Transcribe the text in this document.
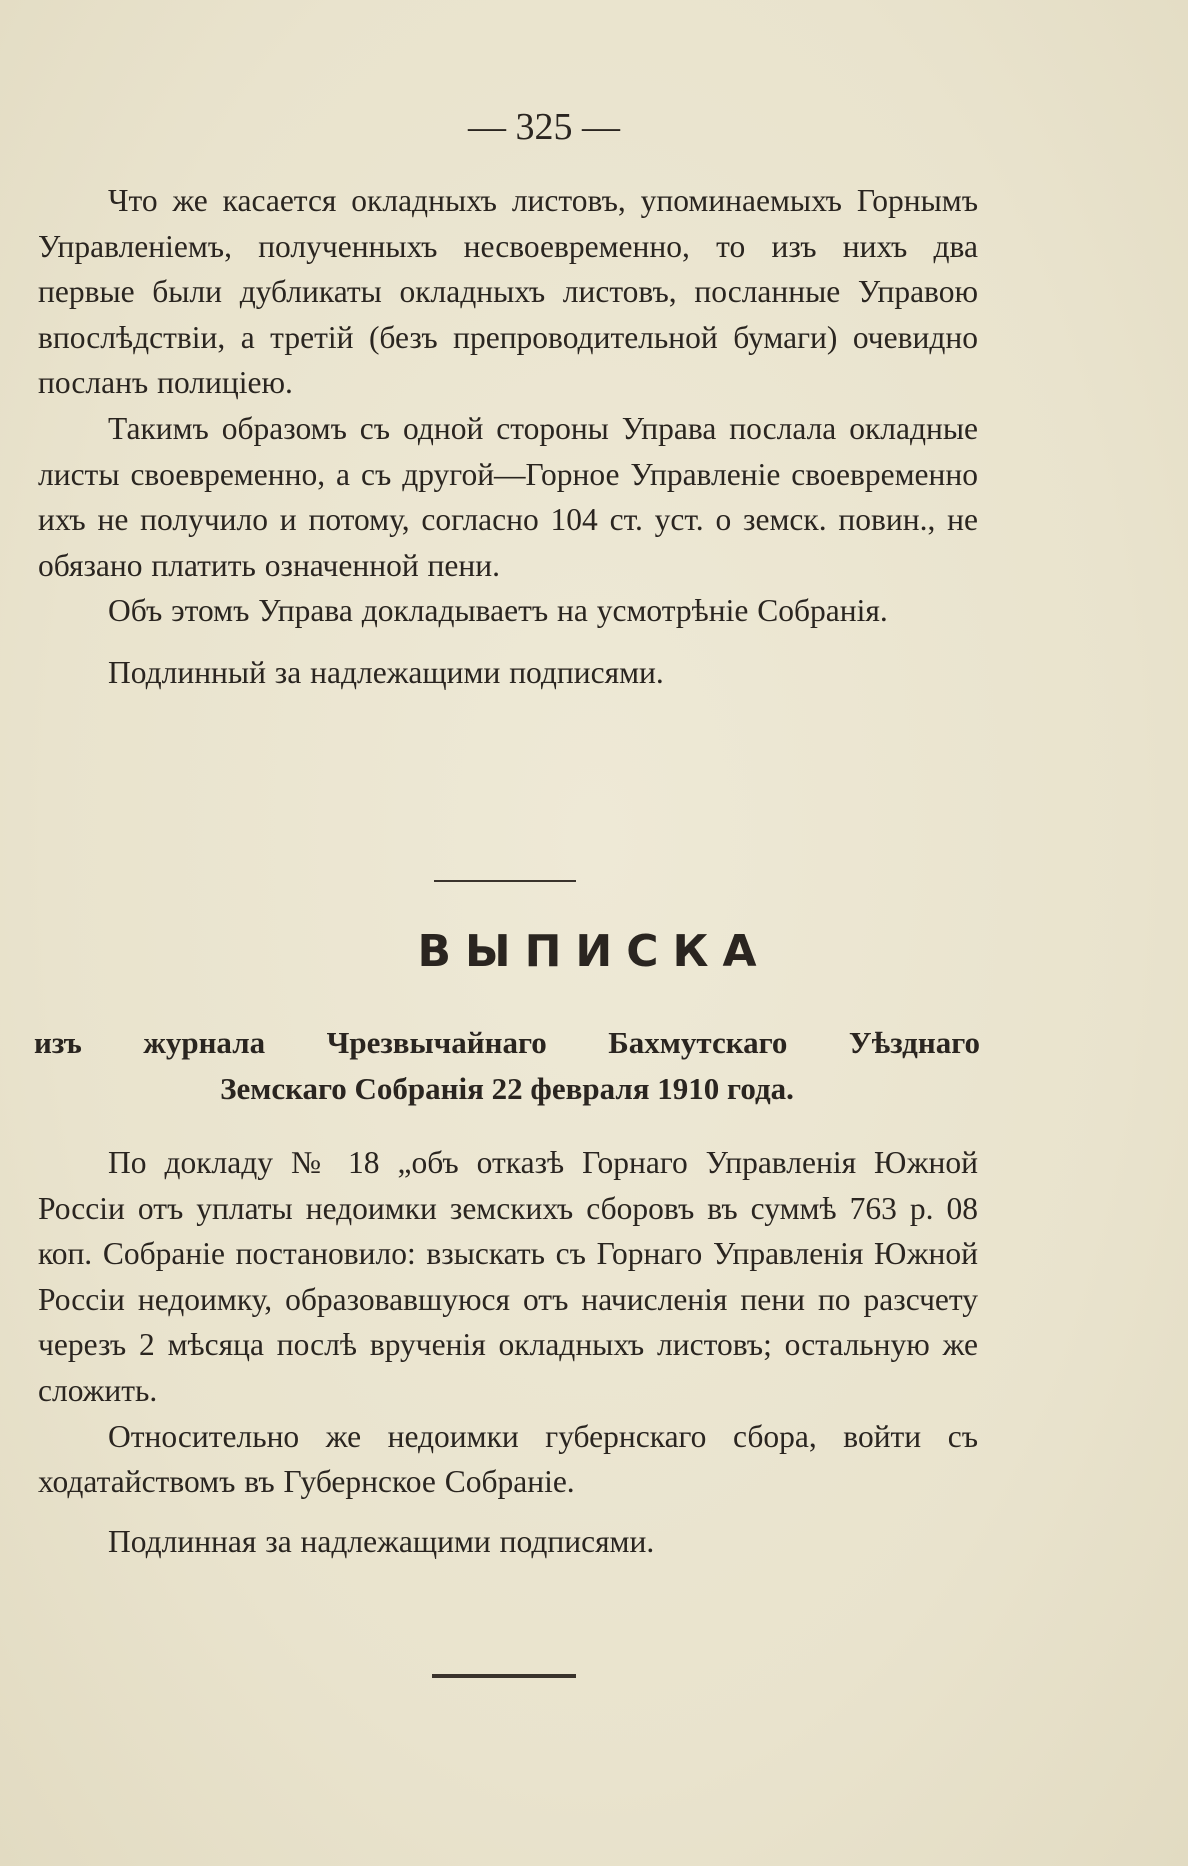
— 325 —

Что же касается окладныхъ листовъ, упоминаемыхъ Горнымъ Управленіемъ, полученныхъ несвоевременно, то изъ нихъ два первые были дубликаты окладныхъ листовъ, посланные Управою впослѣдствіи, а третій (безъ препроводительной бумаги) очевидно посланъ полиціею.

Такимъ образомъ съ одной стороны Управа послала окладные листы своевременно, а съ другой—Горное Управленіе своевременно ихъ не получило и потому, согласно 104 ст. уст. о земск. повин., не обязано платить означенной пени.

Объ этомъ Управа докладываетъ на усмотрѣніе Собранія.

Подлинный за надлежащими подписями.

ВЫПИСКА
изъ журнала Чрезвычайнаго Бахмутскаго Уѣзднаго
Земскаго Собранія 22 февраля 1910 года.

По докладу № 18 „объ отказѣ Горнаго Управленія Южной Россіи отъ уплаты недоимки земскихъ сборовъ въ суммѣ 763 р. 08 коп. Собраніе постановило: взыскать съ Горнаго Управленія Южной Россіи недоимку, образовавшуюся отъ начисленія пени по разсчету черезъ 2 мѣсяца послѣ врученія окладныхъ листовъ; остальную же сложить.

Относительно же недоимки губернскаго сбора, войти съ ходатайствомъ въ Губернское Собраніе.

Подлинная за надлежащими подписями.
